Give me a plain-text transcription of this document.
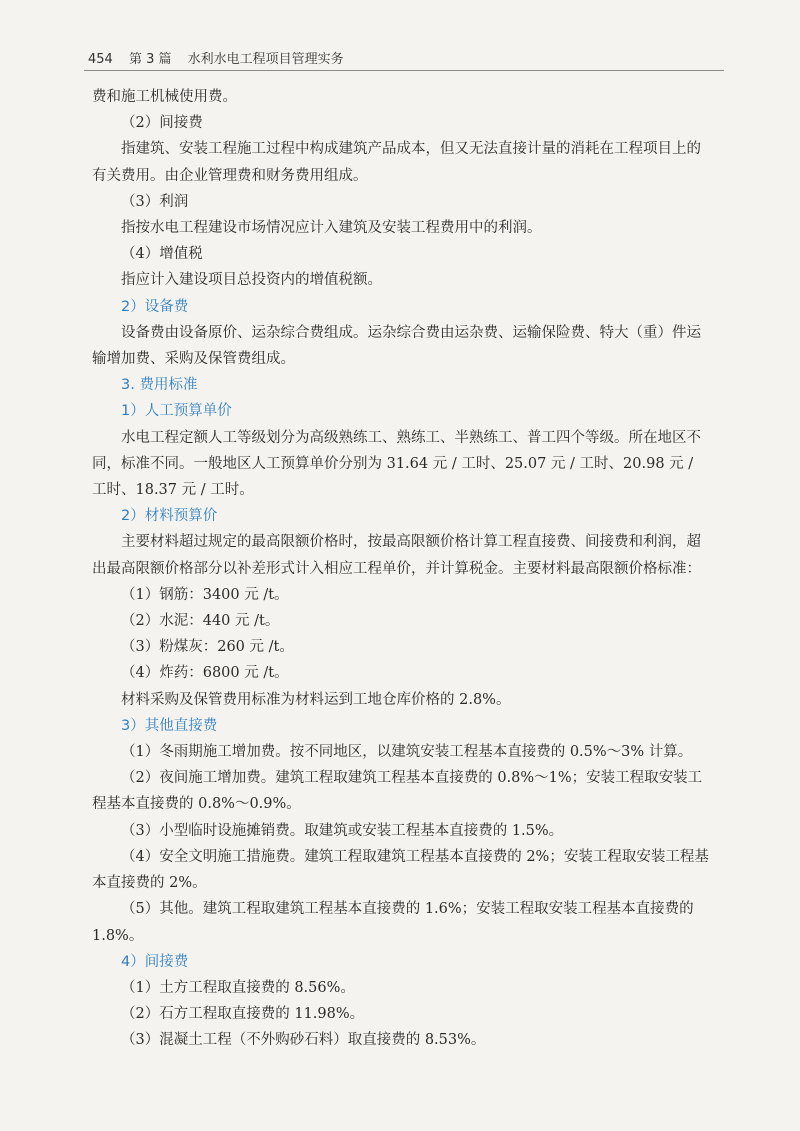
454 第 3 篇 水利水电工程项目管理实务

费和施工机械使用费。

（2）间接费

指建筑、安装工程施工过程中构成建筑产品成本，但又无法直接计量的消耗在工程项目上的有关费用。由企业管理费和财务费用组成。

（3）利润

指按水电工程建设市场情况应计入建筑及安装工程费用中的利润。

（4）增值税

指应计入建设项目总投资内的增值税额。

2）设备费

设备费由设备原价、运杂综合费组成。运杂综合费由运杂费、运输保险费、特大（重）件运输增加费、采购及保管费组成。

3. 费用标准

1）人工预算单价

水电工程定额人工等级划分为高级熟练工、熟练工、半熟练工、普工四个等级。所在地区不同，标准不同。一般地区人工预算单价分别为 31.64 元 / 工时、25.07 元 / 工时、20.98 元 / 工时、18.37 元 / 工时。

2）材料预算价

主要材料超过规定的最高限额价格时，按最高限额价格计算工程直接费、间接费和利润，超出最高限额价格部分以补差形式计入相应工程单价，并计算税金。主要材料最高限额价格标准：

（1）钢筋：3400 元 /t。

（2）水泥：440 元 /t。

（3）粉煤灰：260 元 /t。

（4）炸药：6800 元 /t。

材料采购及保管费用标准为材料运到工地仓库价格的 2.8%。

3）其他直接费

（1）冬雨期施工增加费。按不同地区，以建筑安装工程基本直接费的 0.5%～3% 计算。

（2）夜间施工增加费。建筑工程取建筑工程基本直接费的 0.8%～1%；安装工程取安装工程基本直接费的 0.8%～0.9%。

（3）小型临时设施摊销费。取建筑或安装工程基本直接费的 1.5%。

（4）安全文明施工措施费。建筑工程取建筑工程基本直接费的 2%；安装工程取安装工程基本直接费的 2%。

（5）其他。建筑工程取建筑工程基本直接费的 1.6%；安装工程取安装工程基本直接费的 1.8%。

4）间接费

（1）土方工程取直接费的 8.56%。

（2）石方工程取直接费的 11.98%。

（3）混凝土工程（不外购砂石料）取直接费的 8.53%。
